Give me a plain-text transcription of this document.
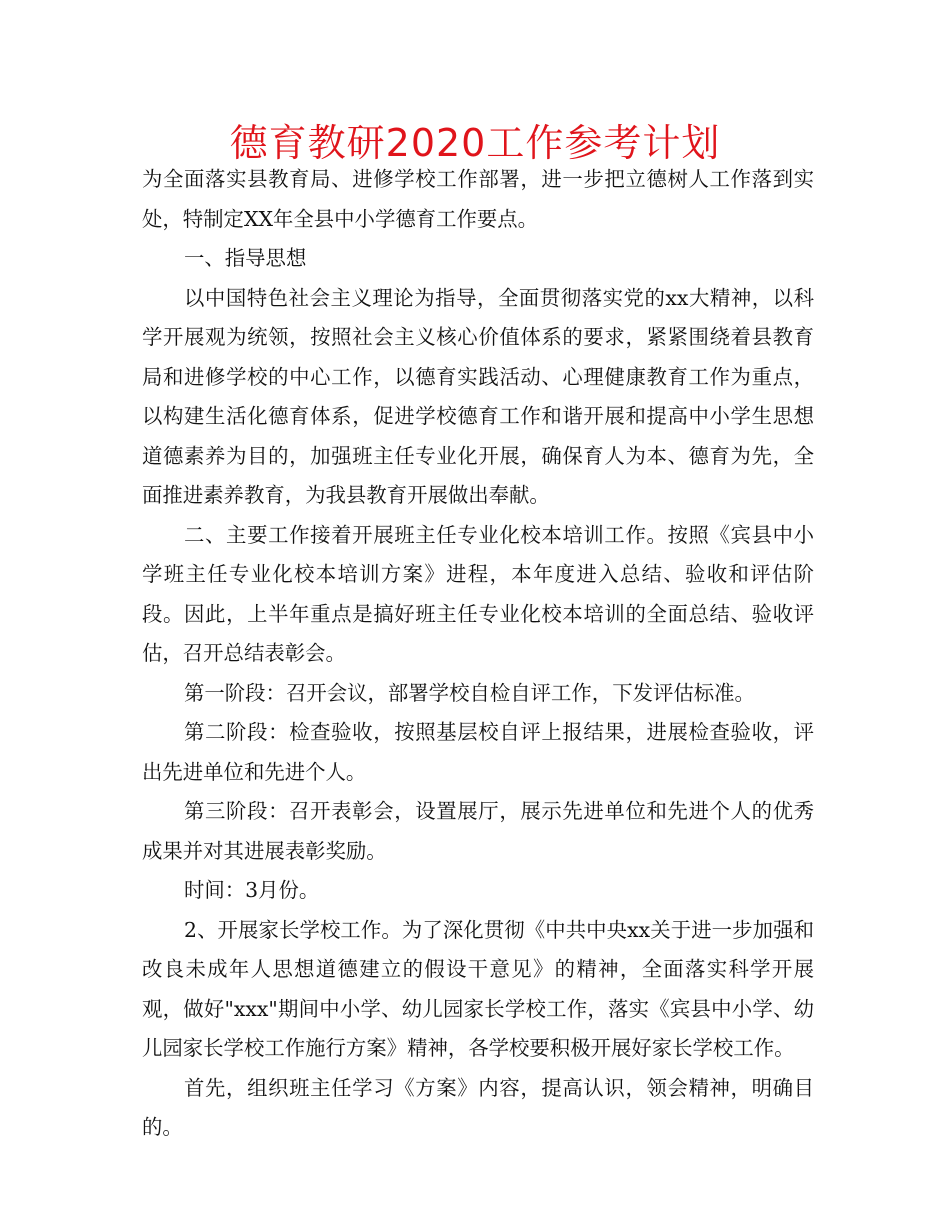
德育教研2020工作参考计划

为全面落实县教育局、进修学校工作部署，进一步把立德树人工作落到实处，特制定XX年全县中小学德育工作要点。

一、指导思想

以中国特色社会主义理论为指导，全面贯彻落实党的xx大精神，以科学开展观为统领，按照社会主义核心价值体系的要求，紧紧围绕着县教育局和进修学校的中心工作，以德育实践活动、心理健康教育工作为重点，以构建生活化德育体系，促进学校德育工作和谐开展和提高中小学生思想道德素养为目的，加强班主任专业化开展，确保育人为本、德育为先，全面推进素养教育，为我县教育开展做出奉献。

二、主要工作接着开展班主任专业化校本培训工作。按照《宾县中小学班主任专业化校本培训方案》进程，本年度进入总结、验收和评估阶段。因此，上半年重点是搞好班主任专业化校本培训的全面总结、验收评估，召开总结表彰会。

第一阶段：召开会议，部署学校自检自评工作，下发评估标准。

第二阶段：检查验收，按照基层校自评上报结果，进展检查验收，评出先进单位和先进个人。

第三阶段：召开表彰会，设置展厅，展示先进单位和先进个人的优秀成果并对其进展表彰奖励。

时间：3月份。

2、开展家长学校工作。为了深化贯彻《中共中央xx关于进一步加强和改良未成年人思想道德建立的假设干意见》的精神，全面落实科学开展观，做好"xxx"期间中小学、幼儿园家长学校工作，落实《宾县中小学、幼儿园家长学校工作施行方案》精神，各学校要积极开展好家长学校工作。

首先，组织班主任学习《方案》内容，提高认识，领会精神，明确目的。
